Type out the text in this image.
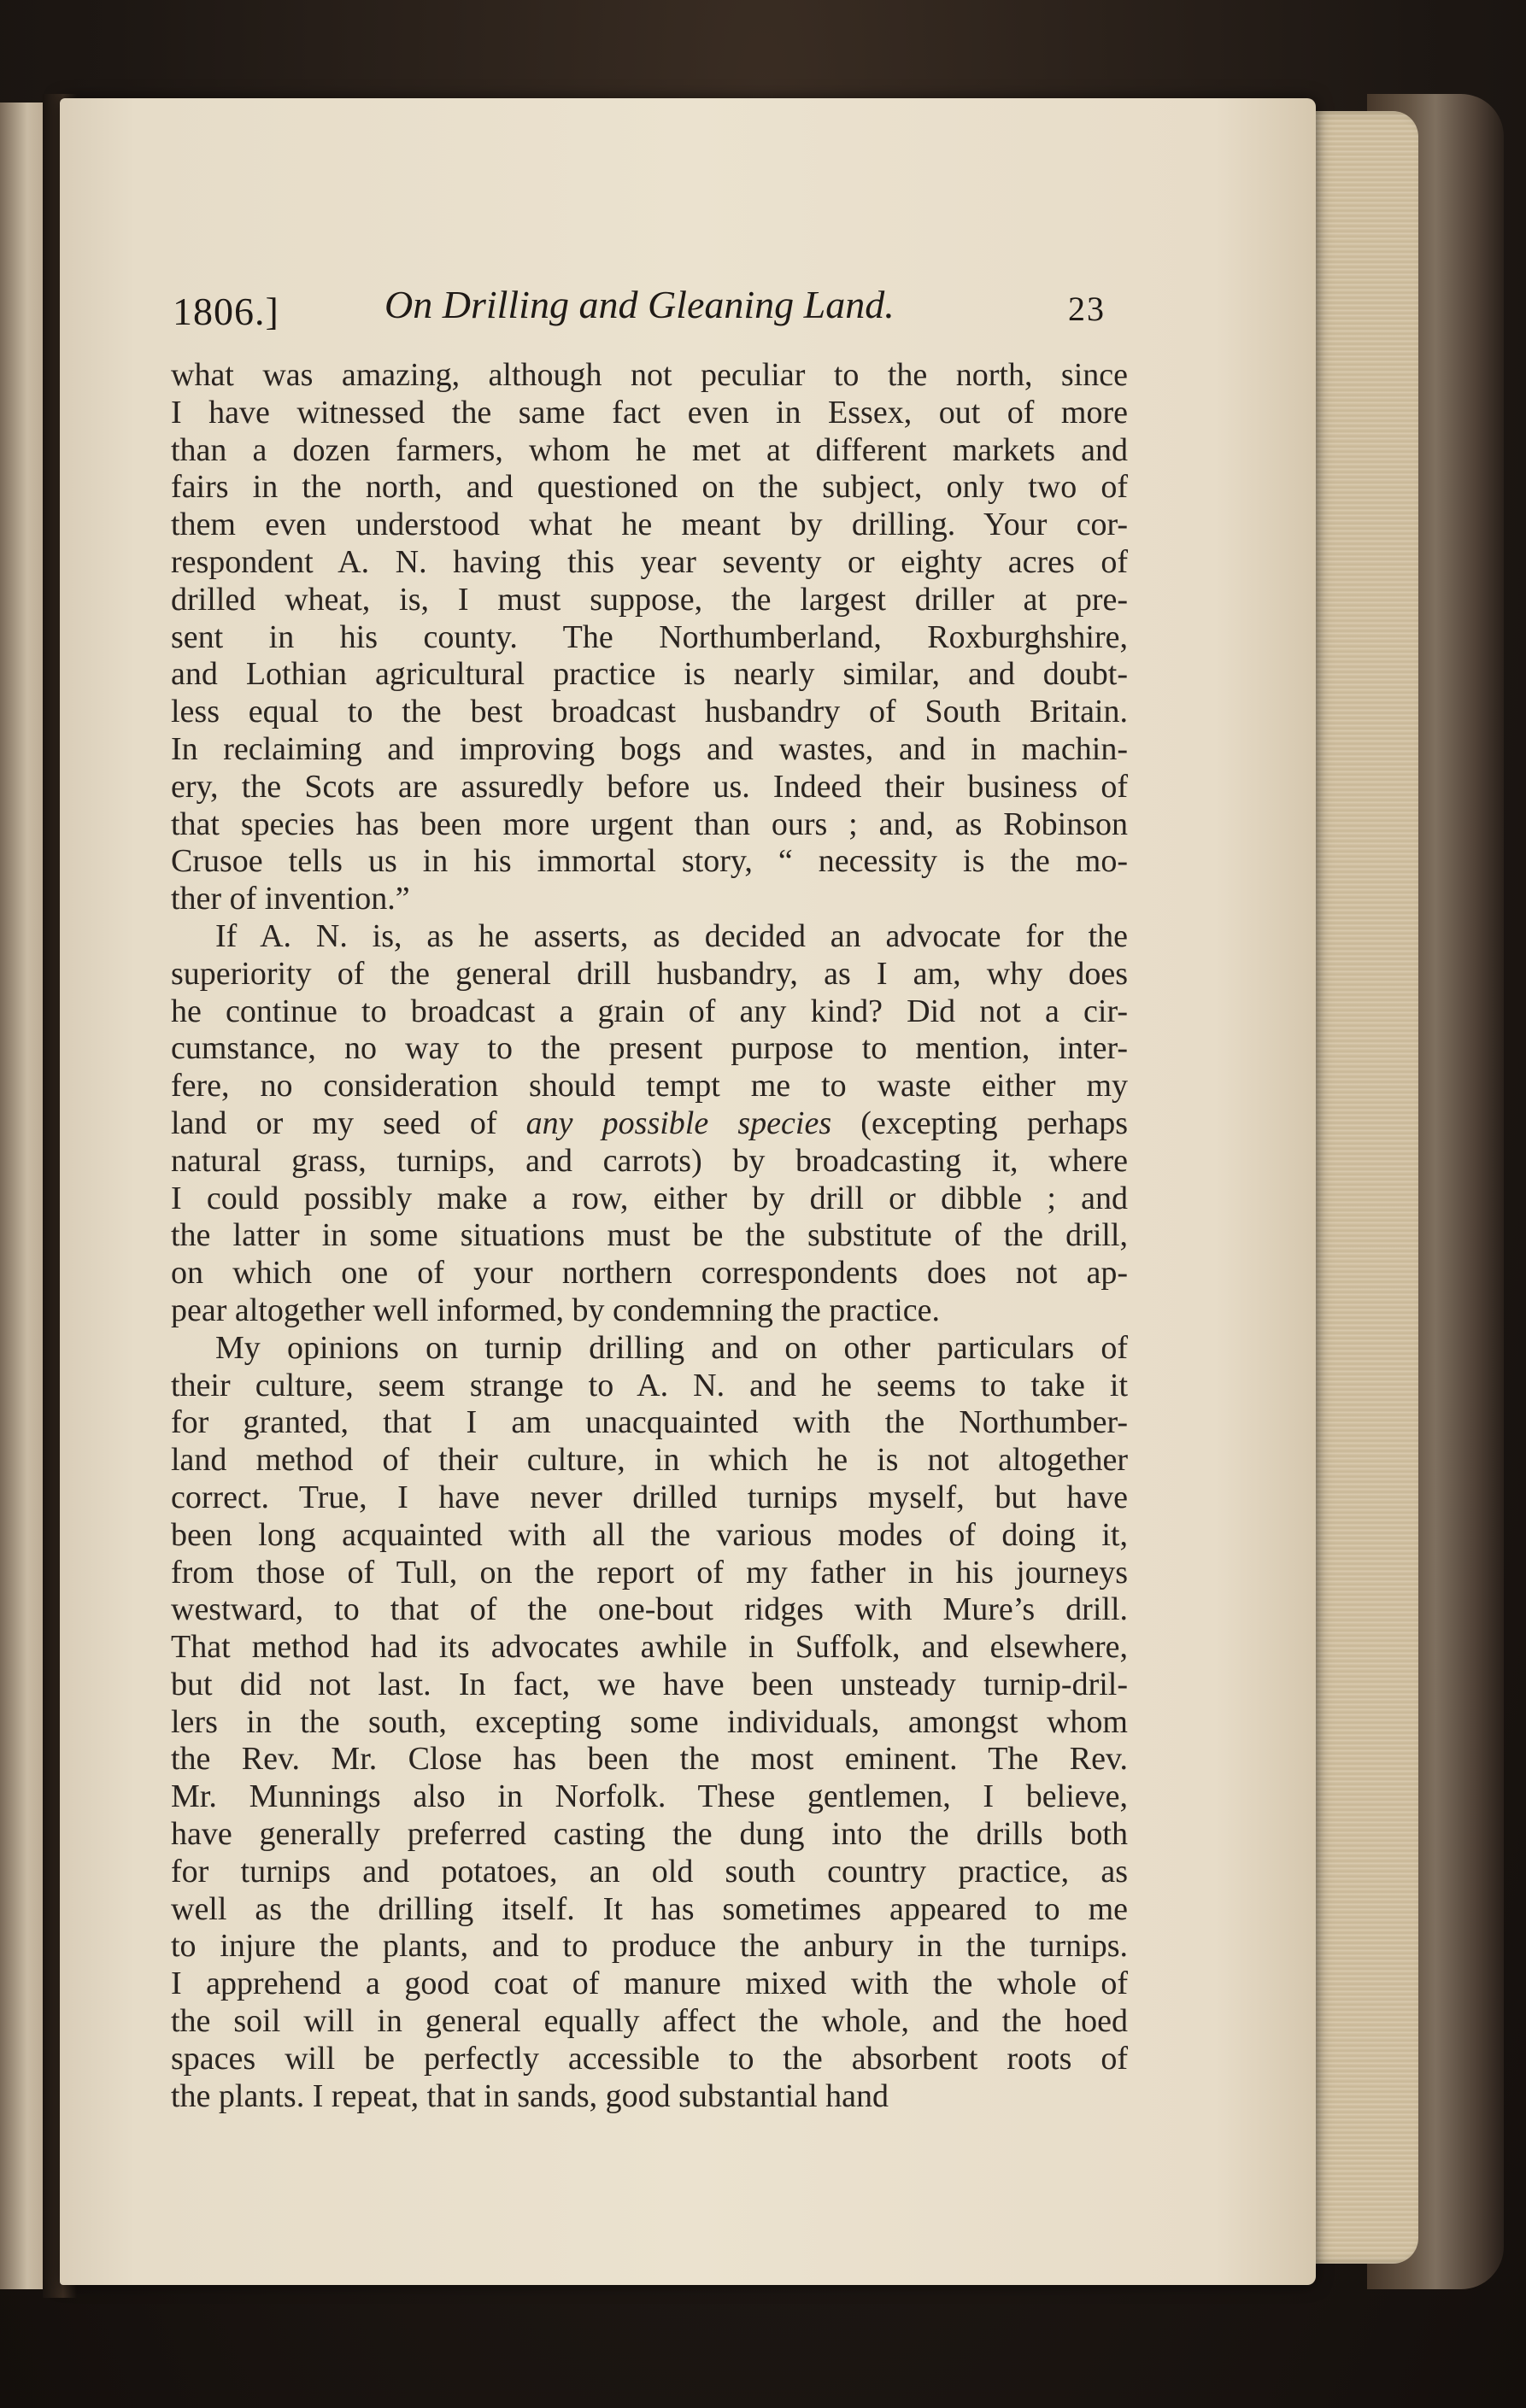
1806.]	On Drilling and Gleaning Land.	23
what was amazing, although not peculiar to the north, since
I have witnessed the same fact even in Essex, out of more
than a dozen farmers, whom he met at different markets and
fairs in the north, and questioned on the subject, only two of
them even understood what he meant by drilling. Your cor-
respondent A. N. having this year seventy or eighty acres of
drilled wheat, is, I must suppose, the largest driller at pre-
sent in his county. The Northumberland, Roxburghshire,
and Lothian agricultural practice is nearly similar, and doubt-
less equal to the best broadcast husbandry of South Britain.
In reclaiming and improving bogs and wastes, and in machin-
ery, the Scots are assuredly before us. Indeed their business of
that species has been more urgent than ours ; and, as Robinson
Crusoe tells us in his immortal story, “ necessity is the mo-
ther of invention.”
If A. N. is, as he asserts, as decided an advocate for the
superiority of the general drill husbandry, as I am, why does
he continue to broadcast a grain of any kind? Did not a cir-
cumstance, no way to the present purpose to mention, inter-
fere, no consideration should tempt me to waste either my
land or my seed of any possible species (excepting perhaps
natural grass, turnips, and carrots) by broadcasting it, where
I could possibly make a row, either by drill or dibble ; and
the latter in some situations must be the substitute of the drill,
on which one of your northern correspondents does not ap-
pear altogether well informed, by condemning the practice.
My opinions on turnip drilling and on other particulars of
their culture, seem strange to A. N. and he seems to take it
for granted, that I am unacquainted with the Northumber-
land method of their culture, in which he is not altogether
correct. True, I have never drilled turnips myself, but have
been long acquainted with all the various modes of doing it,
from those of Tull, on the report of my father in his journeys
westward, to that of the one-bout ridges with Mure’s drill.
That method had its advocates awhile in Suffolk, and elsewhere,
but did not last. In fact, we have been unsteady turnip-dril-
lers in the south, excepting some individuals, amongst whom
the Rev. Mr. Close has been the most eminent. The Rev.
Mr. Munnings also in Norfolk. These gentlemen, I believe,
have generally preferred casting the dung into the drills both
for turnips and potatoes, an old south country practice, as
well as the drilling itself. It has sometimes appeared to me
to injure the plants, and to produce the anbury in the turnips.
I apprehend a good coat of manure mixed with the whole of
the soil will in general equally affect the whole, and the hoed
spaces will be perfectly accessible to the absorbent roots of
the plants. I repeat, that in sands, good substantial hand
